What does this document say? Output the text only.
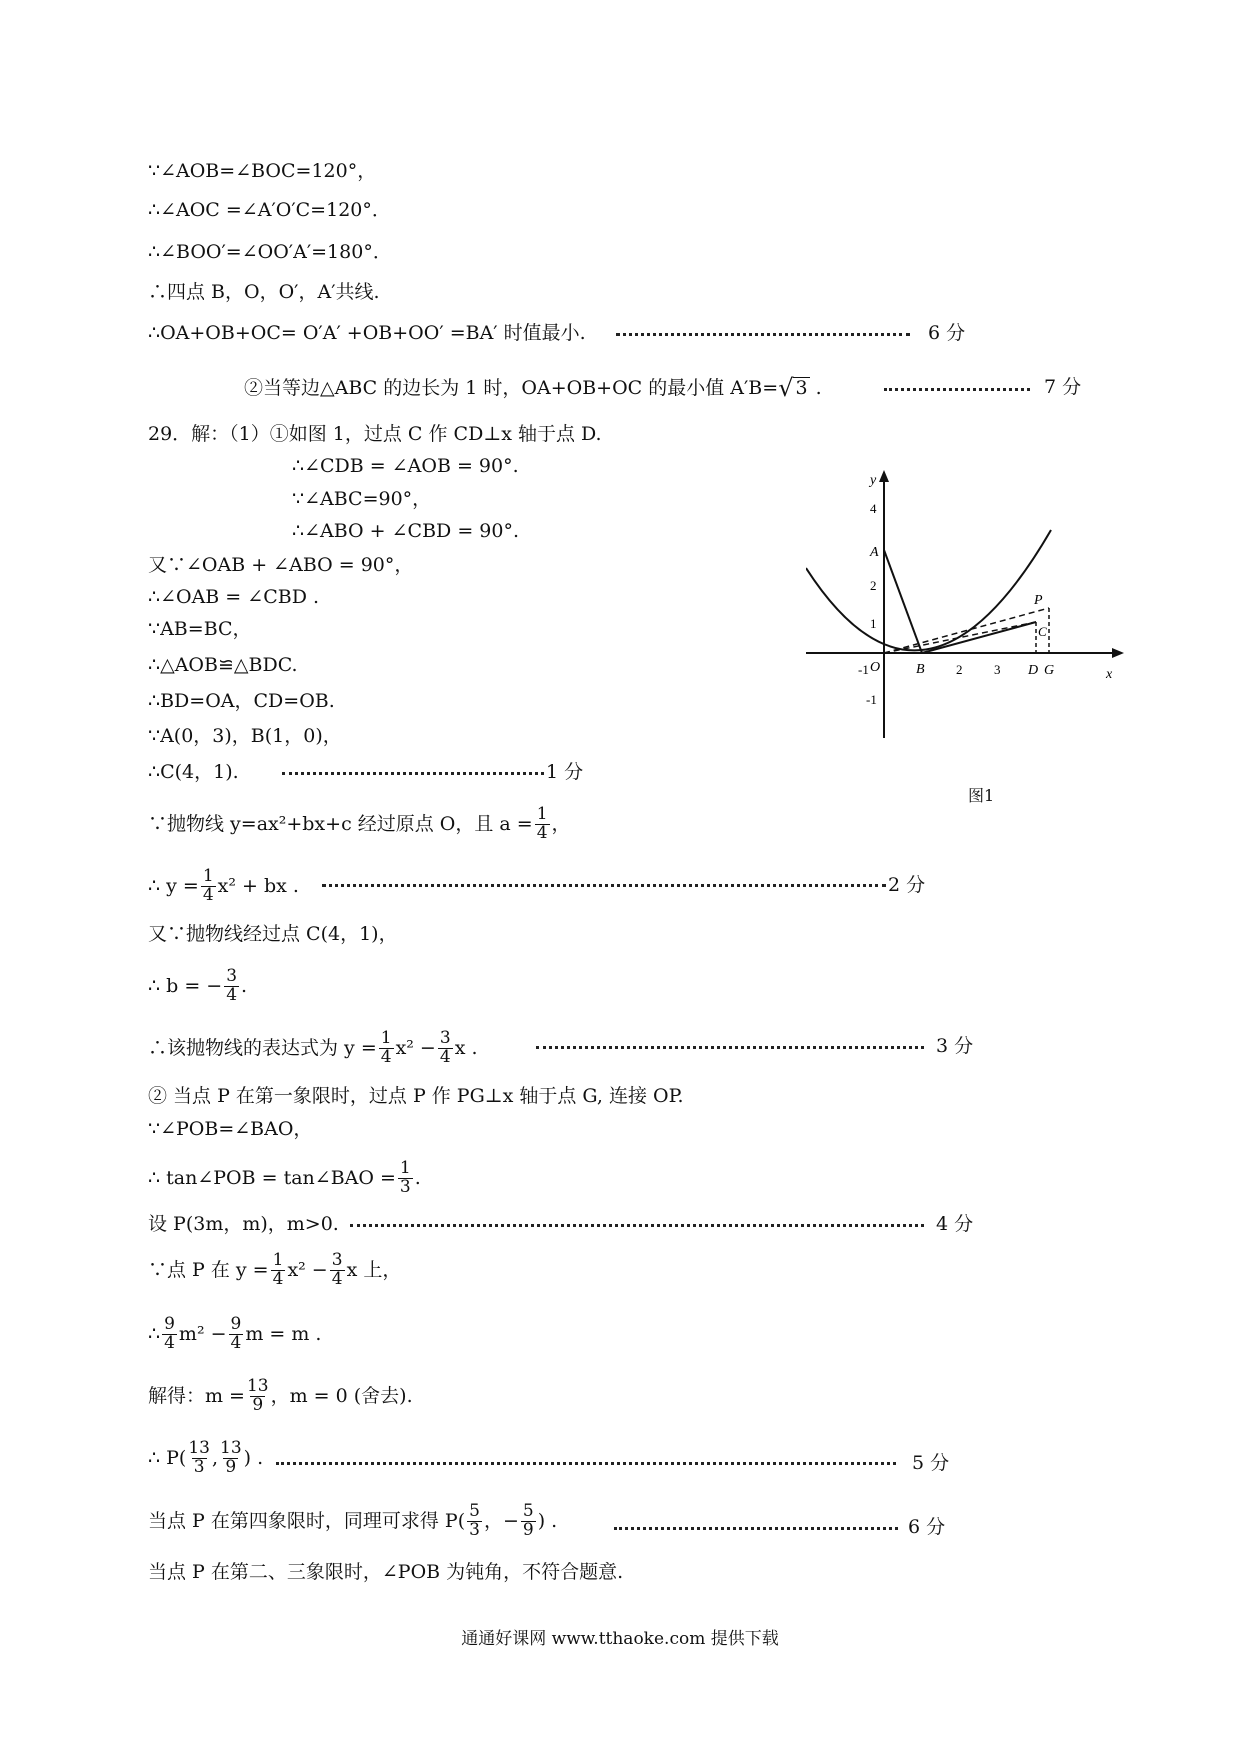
∵∠AOB=∠BOC=120°，
∴∠AOC =∠A′O′C=120°．
∴∠BOO′=∠OO′A′=180°．
∴四点 B，O，O′，A′共线.
∴OA+OB+OC= O′A′ +OB+OO′ =BA′ 时值最小.	6 分
②当等边△ABC 的边长为 1 时，OA+OB+OC 的最小值 A′B= √ 3 .	7 分
29．解：（1）①如图 1，过点 C 作 CD⊥x 轴于点 D.
∴∠CDB = ∠AOB = 90°.
∵∠ABC=90°，
∴∠ABO + ∠CBD = 90°.
又∵∠OAB + ∠ABO = 90°，
∴∠OAB = ∠CBD .
∵AB=BC，
∴△AOB≌△BDC.
∴BD=OA，CD=OB.
∵A(0，3)，B(1，0)，
∴C(4，1).	1 分
∵抛物线 y=ax²+bx+c 经过原点 O，且 $a = \frac{1}{4}$ ，
∴ $y = \frac{1}{4} x^2$ + bx .	2 分
又∵抛物线经过点 C(4，1)，
∴ b = − $\frac{3}{4}$ .
∴该抛物线的表达式为 $y = \frac{1}{4} x^2 - \frac{3}{4}$ x .	3 分
② 当点 P 在第一象限时，过点 P 作 PG⊥x 轴于点 G, 连接 OP.
∵∠POB=∠BAO，
∴ tan∠POB = tan∠BAO = $\frac{1}{3}$ .
设 P(3m，m)，m>0.	4 分
∵点 P 在 $y = \frac{1}{4} x^2 - \frac{3}{4}$ x 上，
∴ $\frac{9}{4} m^2 - \frac{9}{4}$ m = m .
解得：$m = \frac{13}{9}$ ，m = 0 (舍去).
∴ $P( \frac{13}{3}$ , $\frac{13}{9}$ ) .	5 分
当点 P 在第四象限时，同理可求得 $P( \frac{5}{3}$ ，− $\frac{5}{9}$ ) .	6 分
当点 P 在第二、三象限时，∠POB 为钝角，不符合题意.
-1	2 3
4
2
1
-1
x
y
A
B
O
P
C
D G
图1
通通好课网 www.tthaoke.com 提供下载
